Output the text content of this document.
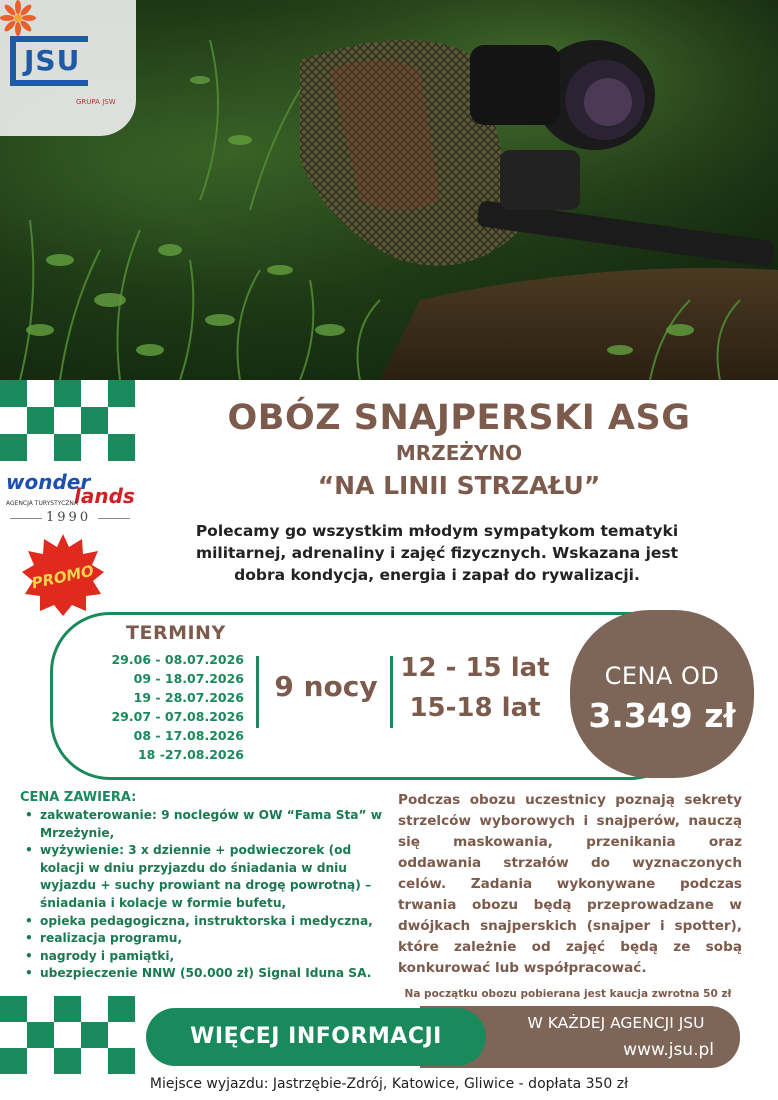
JSU
GRUPA JSW
OBÓZ SNAJPERSKI ASG
MRZEŻYNO
“NA LINII STRZAŁU”
wonder
lands
AGENCJA TURYSTYCZNA
1990
PROMO
Polecamy go wszystkim młodym sympatykom tematyki militarnej, adrenaliny i zajęć fizycznych. Wskazana jest dobra kondycja, energia i zapał do rywalizacji.
TERMINY
29.06 - 08.07.2026
09 - 18.07.2026
19 - 28.07.2026
29.07 - 07.08.2026
08 - 17.08.2026
18 -27.08.2026
9 nocy
12 - 15 lat
15-18 lat
CENA OD
3.349 zł
CENA ZAWIERA:
• zakwaterowanie: 9 noclegów w OW “Fama Sta” w Mrzeżynie,
• wyżywienie: 3 x dziennie + podwieczorek (od kolacji w dniu przyjazdu do śniadania w dniu wyjazdu + suchy prowiant na drogę powrotną) – śniadania i kolacje w formie bufetu,
• opieka pedagogiczna, instruktorska i medyczna,
• realizacja programu,
• nagrody i pamiątki,
• ubezpieczenie NNW (50.000 zł) Signal Iduna SA.
Podczas obozu uczestnicy poznają sekrety strzelców wyborowych i snajperów, nauczą się maskowania, przenikania oraz oddawania strzałów do wyznaczonych celów. Zadania wykonywane podczas trwania obozu będą przeprowadzane w dwójkach snajperskich (snajper i spotter), które zależnie od zajęć będą ze sobą konkurować lub współpracować.
Na początku obozu pobierana jest kaucja zwrotna 50 zł
WIĘCEJ INFORMACJI
W KAŻDEJ AGENCJI JSU
www.jsu.pl
Miejsce wyjazdu: Jastrzębie-Zdrój, Katowice, Gliwice - dopłata 350 zł
